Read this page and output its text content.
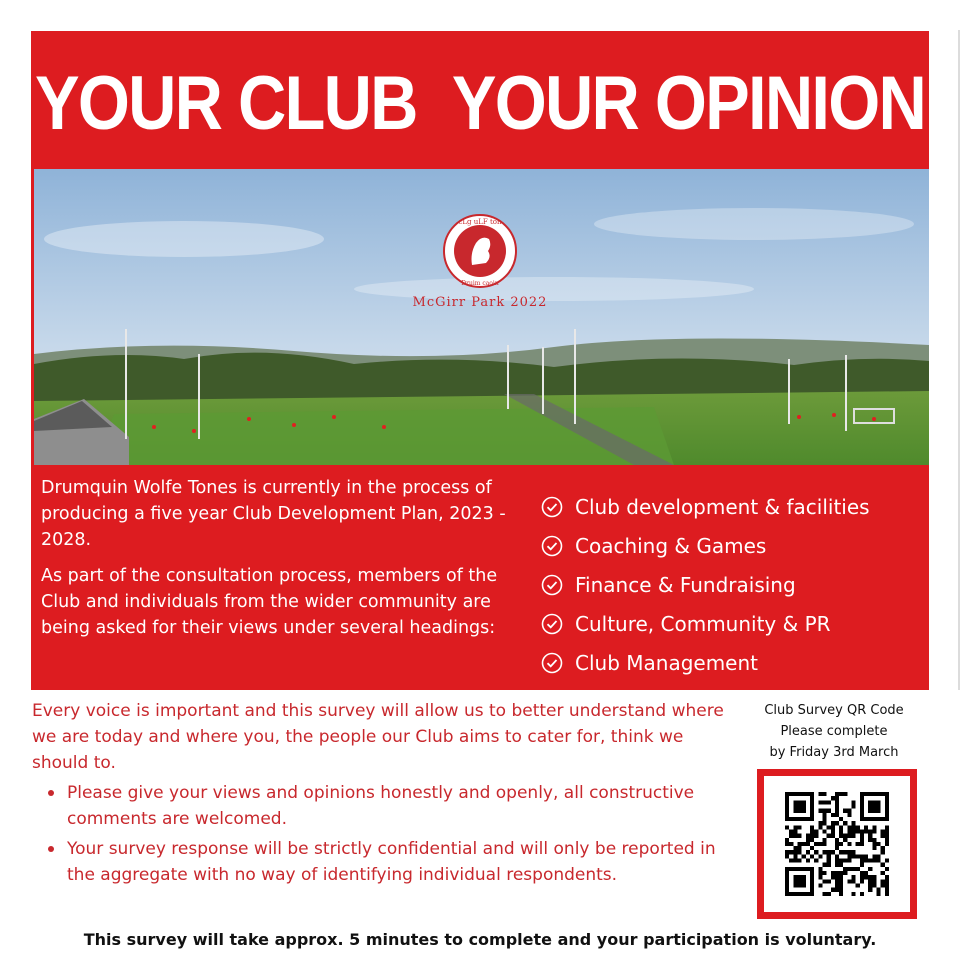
YOUR CLUB YOUR OPINION
cLg uLF tón
Druim caoin
McGirr Park 2022

Drumquin Wolfe Tones is currently in the process of producing a five year Club Development Plan, 2023 - 2028.

As part of the consultation process, members of the Club and individuals from the wider community are being asked for their views under several headings:

Club development & facilities
Coaching & Games
Finance & Fundraising
Culture, Community & PR
Club Management

Every voice is important and this survey will allow us to better understand where we are today and where you, the people our Club aims to cater for, think we should to.

Please give your views and opinions honestly and openly, all constructive comments are welcomed.
Your survey response will be strictly confidential and will only be reported in the aggregate with no way of identifying individual respondents.
Club Survey QR Code
Please complete
by Friday 3rd March
This survey will take approx. 5 minutes to complete and your participation is voluntary.
